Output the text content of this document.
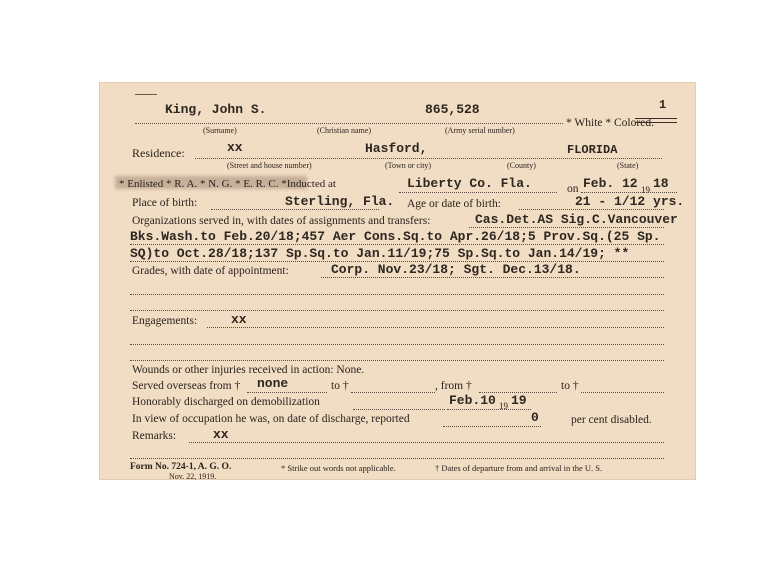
King, John S.	865,528
(Surname)	(Christian name)	(Army serial number)
* White * Colored.
1
Residence:	xx	Hasford,	FLORIDA
(Street and house number)	(Town or city)	(County)	(State)
* Enlisted * R. A. * N. G. * E. R. C. *Inducted at	Liberty Co. Fla.	on Feb. 12 19 18
Place of birth:	Sterling, Fla. Age or date of birth:	21 - 1/12 yrs.
Organizations served in, with dates of assignments and transfers:	Cas.Det.AS Sig.C.Vancouver
Bks.Wash.to Feb.20/18;457 Aer Cons.Sq.to Apr.26/18;5 Prov.Sq.(25 Sp.
SQ)to Oct.28/18;137 Sp.Sq.to Jan.11/19;75 Sp.Sq.to Jan.14/19; **
Grades, with date of appointment:	Corp. Nov.23/18; Sgt. Dec.13/18.
Engagements:	xx
Wounds or other injuries received in action: None.
Served overseas from † none	to †	, from †	to †
Honorably discharged on demobilization	Feb.10 19 19
In view of occupation he was, on date of discharge, reported	0	per cent disabled.
Remarks:	xx
Form No. 724-1, A. G. O.
Nov. 22, 1919.
* Strike out words not applicable.	† Dates of departure from and arrival in the U. S.
